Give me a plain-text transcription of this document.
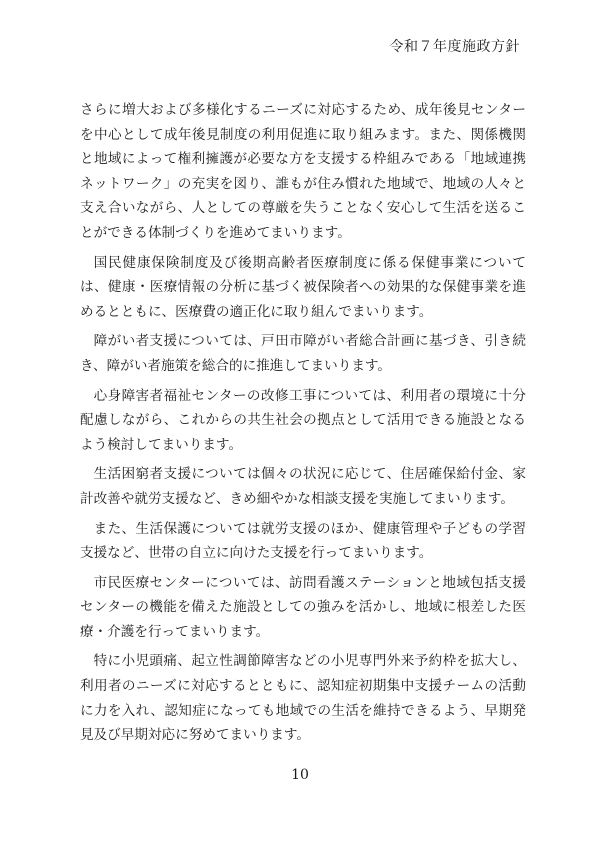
令和７年度施政方針

さらに増大および多様化するニーズに対応するため、成年後見センターを中心として成年後見制度の利用促進に取り組みます。また、関係機関と地域によって権利擁護が必要な方を支援する枠組みである「地域連携ネットワーク」の充実を図り、誰もが住み慣れた地域で、地域の人々と支え合いながら、人としての尊厳を失うことなく安心して生活を送ることができる体制づくりを進めてまいります。

国民健康保険制度及び後期高齢者医療制度に係る保健事業については、健康・医療情報の分析に基づく被保険者への効果的な保健事業を進めるとともに、医療費の適正化に取り組んでまいります。

障がい者支援については、戸田市障がい者総合計画に基づき、引き続き、障がい者施策を総合的に推進してまいります。

心身障害者福祉センターの改修工事については、利用者の環境に十分配慮しながら、これからの共生社会の拠点として活用できる施設となるよう検討してまいります。

生活困窮者支援については個々の状況に応じて、住居確保給付金、家計改善や就労支援など、きめ細やかな相談支援を実施してまいります。

また、生活保護については就労支援のほか、健康管理や子どもの学習支援など、世帯の自立に向けた支援を行ってまいります。

市民医療センターについては、訪問看護ステーションと地域包括支援センターの機能を備えた施設としての強みを活かし、地域に根差した医療・介護を行ってまいります。

特に小児頭痛、起立性調節障害などの小児専門外来予約枠を拡大し、利用者のニーズに対応するとともに、認知症初期集中支援チームの活動に力を入れ、認知症になっても地域での生活を維持できるよう、早期発見及び早期対応に努めてまいります。

10
